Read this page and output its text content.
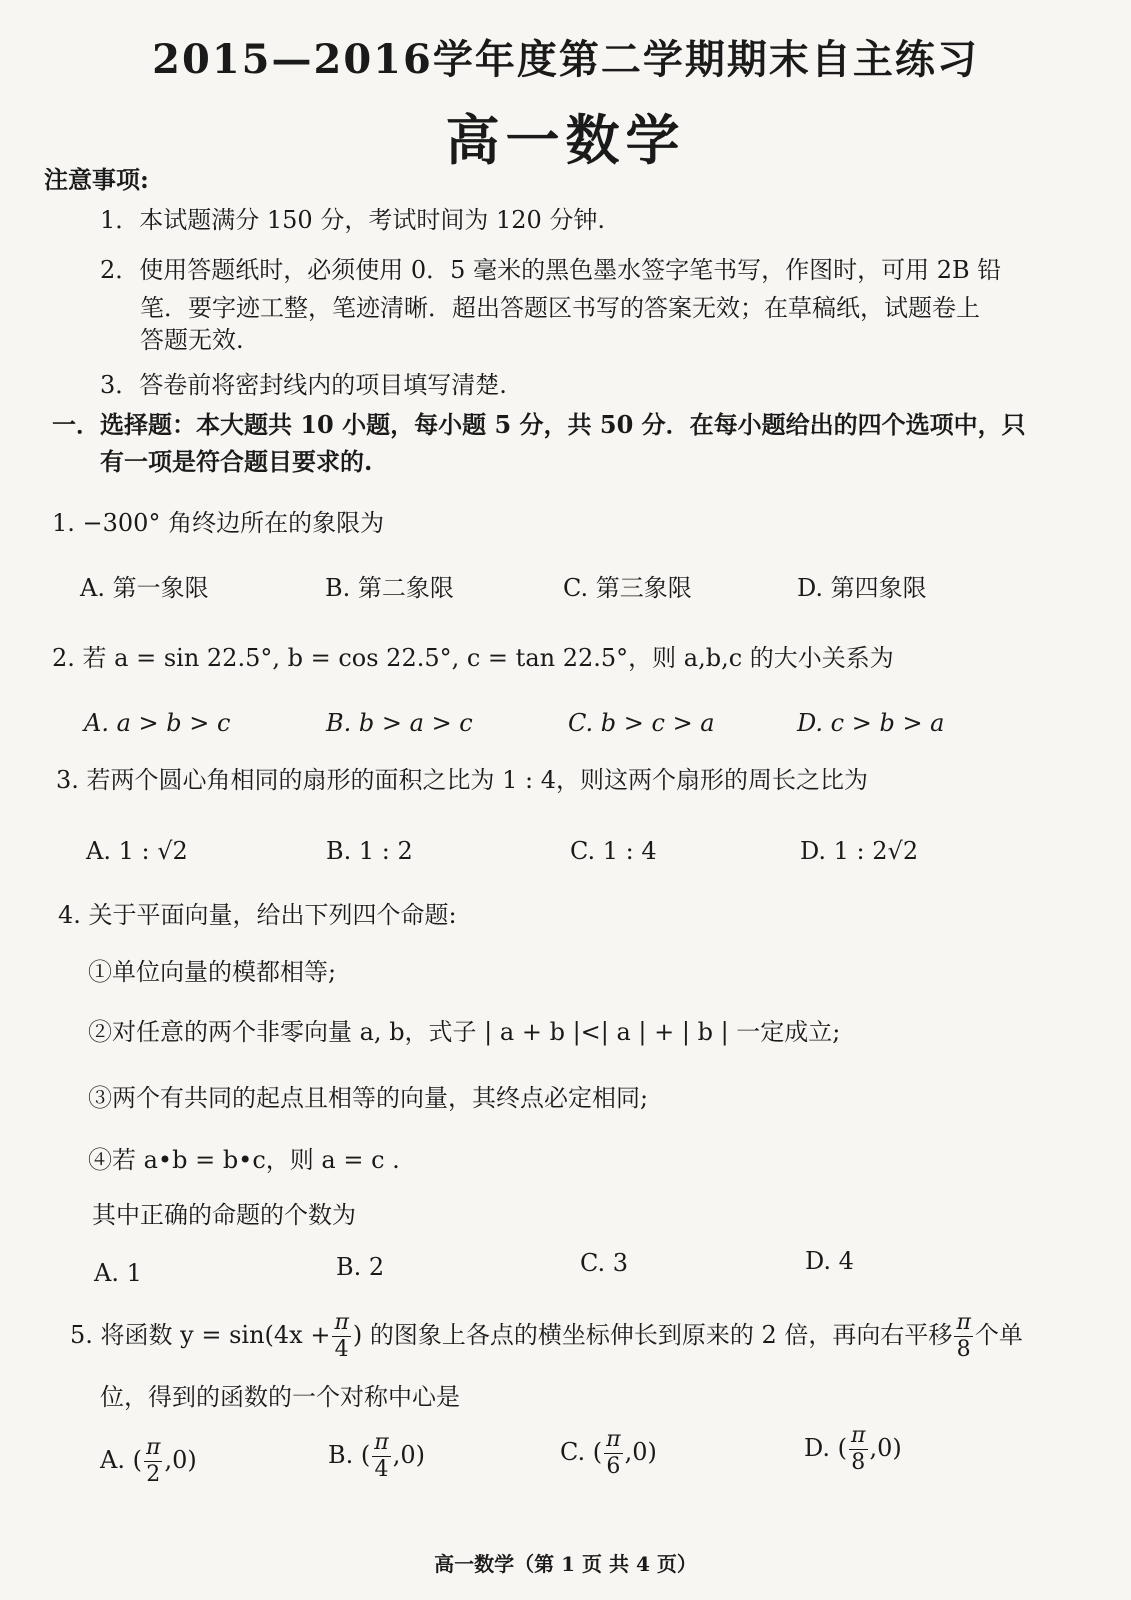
2015—2016学年度第二学期期末自主练习
高一数学
注意事项:
1．本试题满分 150 分，考试时间为 120 分钟.
2．使用答题纸时，必须使用 0．5 毫米的黑色墨水签字笔书写，作图时，可用 2B 铅
笔．要字迹工整，笔迹清晰．超出答题区书写的答案无效；在草稿纸，试题卷上
答题无效.
3．答卷前将密封线内的项目填写清楚.
一．选择题：本大题共 10 小题，每小题 5 分，共 50 分．在每小题给出的四个选项中，只
有一项是符合题目要求的.
1. −300° 角终边所在的象限为
A. 第一象限	B. 第二象限	C. 第三象限	D. 第四象限
2. 若 a = sin 22.5°, b = cos 22.5°, c = tan 22.5°，则 a,b,c 的大小关系为
A. a > b > c	B. b > a > c	C. b > c > a	D. c > b > a
3. 若两个圆心角相同的扇形的面积之比为 1 : 4，则这两个扇形的周长之比为
A. 1 : √2	B. 1 : 2	C. 1 : 4	D. 1 : 2√2
4. 关于平面向量，给出下列四个命题:
①单位向量的模都相等;
②对任意的两个非零向量 a, b，式子 | a + b |<| a | + | b | 一定成立;
③两个有共同的起点且相等的向量，其终点必定相同;
④若 a•b = b•c，则 a = c .
其中正确的命题的个数为
A. 1	B. 2	C. 3	D. 4
5. 将函数 $y = \sin(4x + \frac{\pi}{4}$ ) 的图象上各点的横坐标伸长到原来的 2 倍，再向右平移 $\frac{\pi}{8}$ 个单
位，得到的函数的一个对称中心是
A. ( $\frac{\pi}{2} ,0$)	B. ( $\frac{\pi}{4} ,0$)	C. ( $\frac{\pi}{6} ,0$)	D. ( $\frac{\pi}{8} ,0$)
高一数学（第 1 页 共 4 页）
